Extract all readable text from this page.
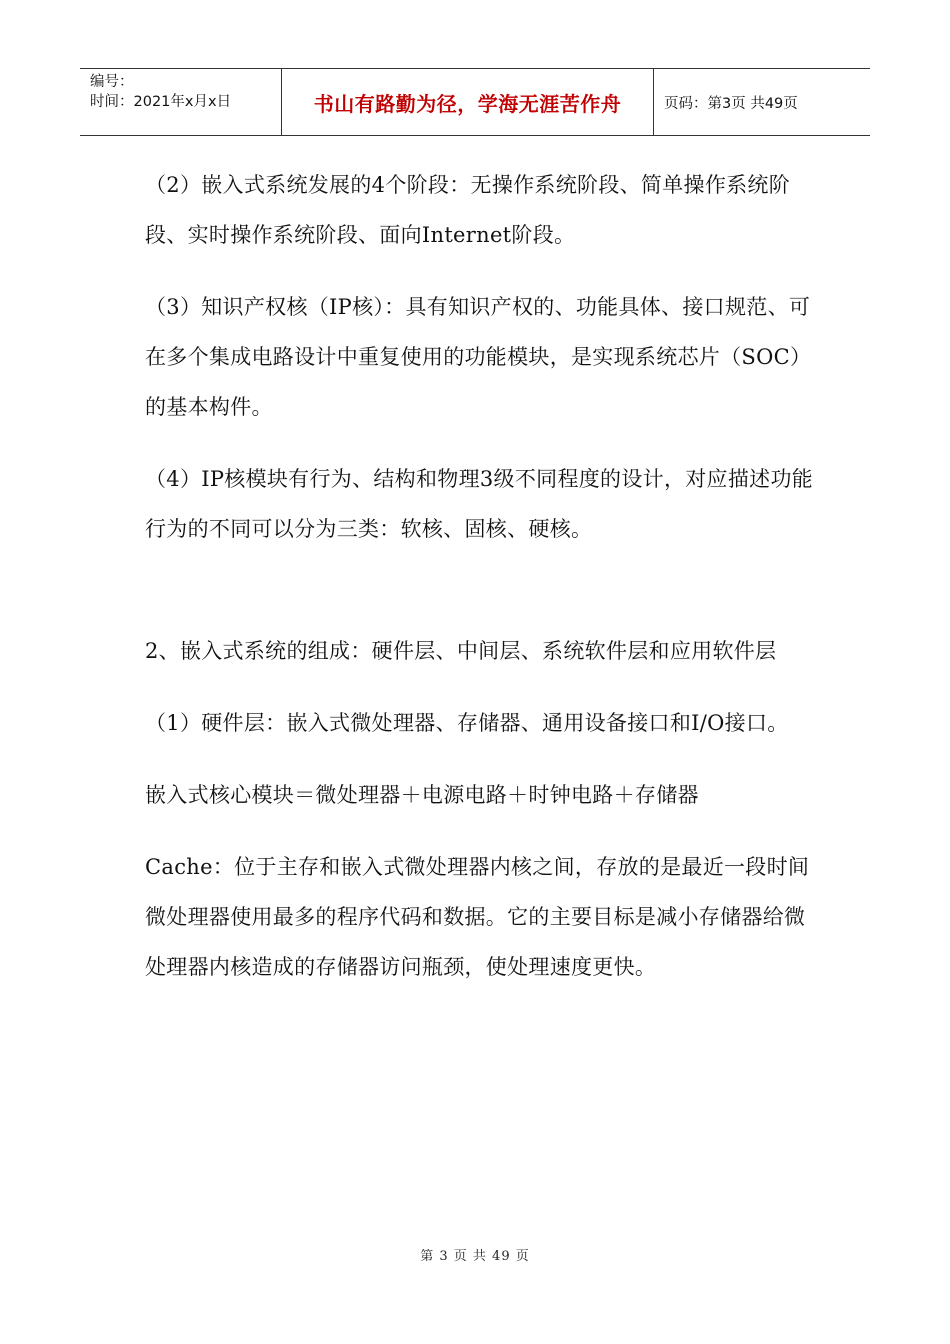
编号：
时间：2021年x月x日	书山有路勤为径，学海无涯苦作舟	页码：第3页 共49页

（2）嵌入式系统发展的4个阶段：无操作系统阶段、简单操作系统阶段、实时操作系统阶段、面向Internet阶段。

（3）知识产权核（IP核）：具有知识产权的、功能具体、接口规范、可在多个集成电路设计中重复使用的功能模块，是实现系统芯片（SOC）的基本构件。

（4）IP核模块有行为、结构和物理3级不同程度的设计，对应描述功能行为的不同可以分为三类：软核、固核、硬核。

2、嵌入式系统的组成：硬件层、中间层、系统软件层和应用软件层

（1）硬件层：嵌入式微处理器、存储器、通用设备接口和I/O接口。

嵌入式核心模块＝微处理器＋电源电路＋时钟电路＋存储器

Cache：位于主存和嵌入式微处理器内核之间，存放的是最近一段时间微处理器使用最多的程序代码和数据。它的主要目标是减小存储器给微处理器内核造成的存储器访问瓶颈，使处理速度更快。

第 3 页 共 49 页
